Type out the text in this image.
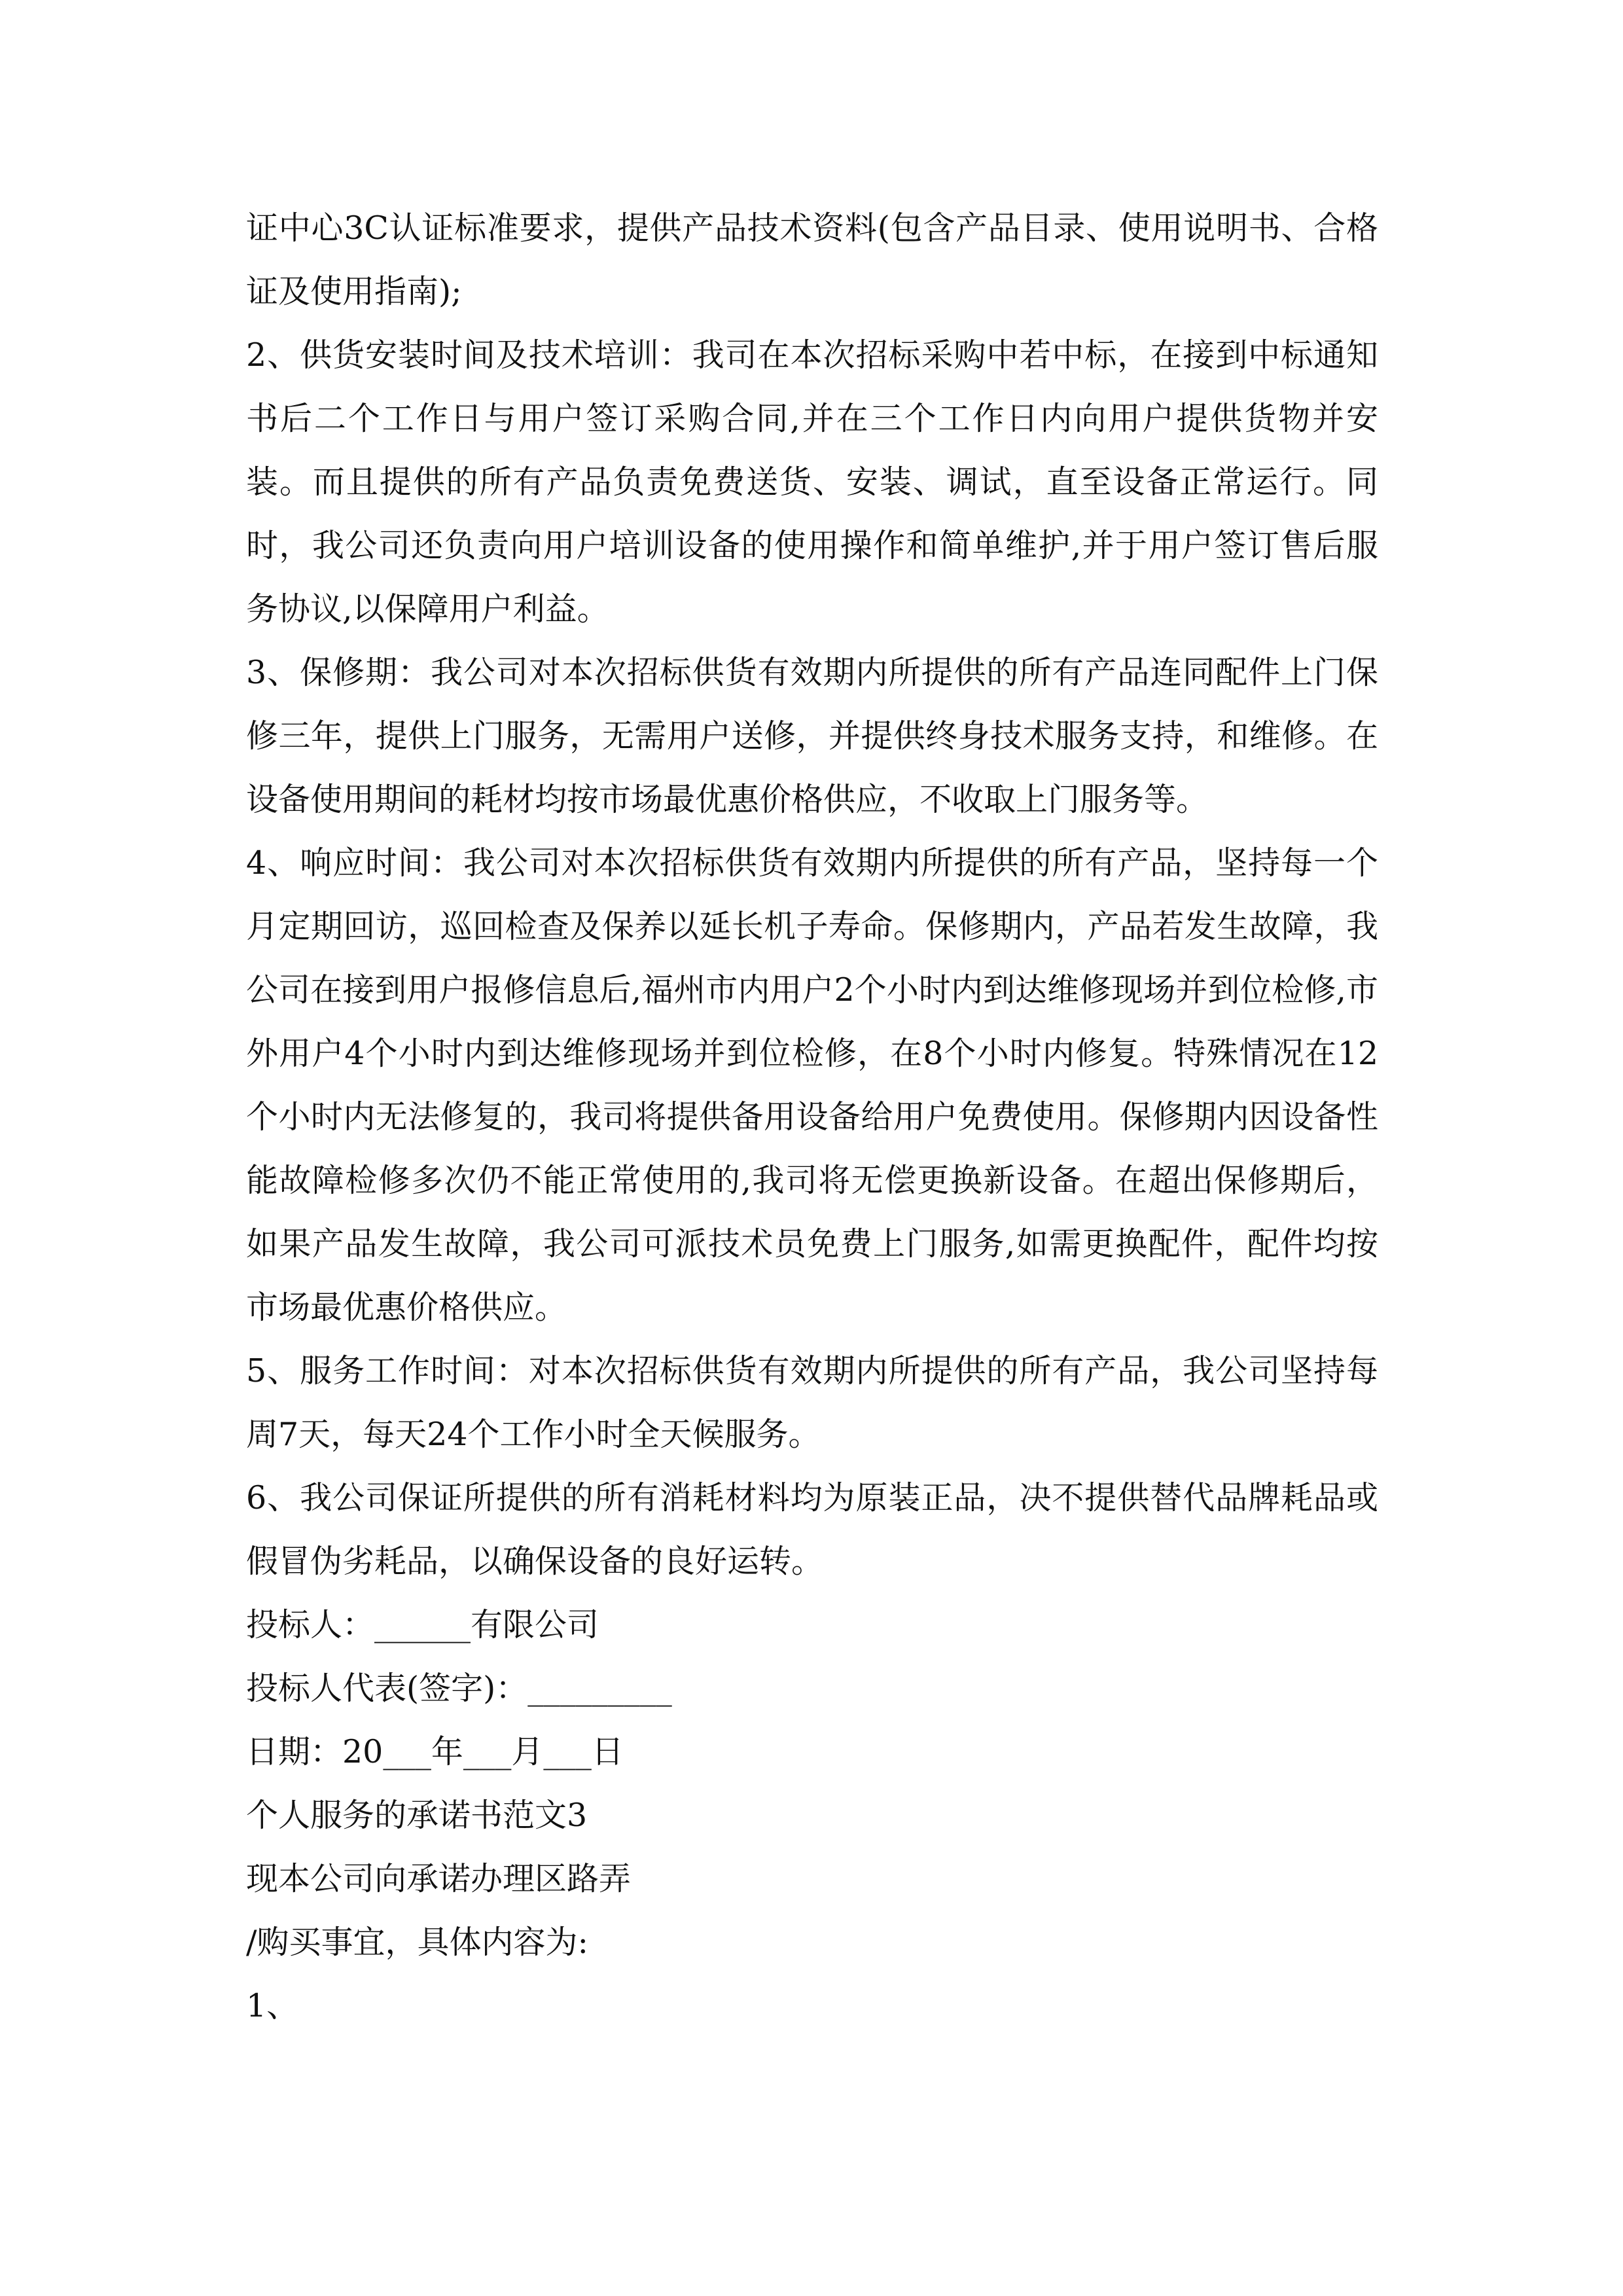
证中心3C认证标准要求，提供产品技术资料(包含产品目录、使用说明书、合格证及使用指南);

2、供货安装时间及技术培训：我司在本次招标采购中若中标，在接到中标通知书后二个工作日与用户签订采购合同,并在三个工作日内向用户提供货物并安装。而且提供的所有产品负责免费送货、安装、调试，直至设备正常运行。同时，我公司还负责向用户培训设备的使用操作和简单维护,并于用户签订售后服务协议,以保障用户利益。

3、保修期：我公司对本次招标供货有效期内所提供的所有产品连同配件上门保修三年，提供上门服务，无需用户送修，并提供终身技术服务支持，和维修。在设备使用期间的耗材均按市场最优惠价格供应，不收取上门服务等。

4、响应时间：我公司对本次招标供货有效期内所提供的所有产品，坚持每一个月定期回访，巡回检查及保养以延长机子寿命。保修期内，产品若发生故障，我公司在接到用户报修信息后,福州市内用户2个小时内到达维修现场并到位检修,市外用户4个小时内到达维修现场并到位检修，在8个小时内修复。特殊情况在12个小时内无法修复的，我司将提供备用设备给用户免费使用。保修期内因设备性能故障检修多次仍不能正常使用的,我司将无偿更换新设备。在超出保修期后，如果产品发生故障，我公司可派技术员免费上门服务,如需更换配件，配件均按市场最优惠价格供应。

5、服务工作时间：对本次招标供货有效期内所提供的所有产品，我公司坚持每周7天，每天24个工作小时全天候服务。

6、我公司保证所提供的所有消耗材料均为原装正品，决不提供替代品牌耗品或假冒伪劣耗品，以确保设备的良好运转。

投标人：______有限公司

投标人代表(签字)：_________

日期：20___年___月___日

个人服务的承诺书范文3

现本公司向承诺办理区路弄

/购买事宜，具体内容为:

1、
